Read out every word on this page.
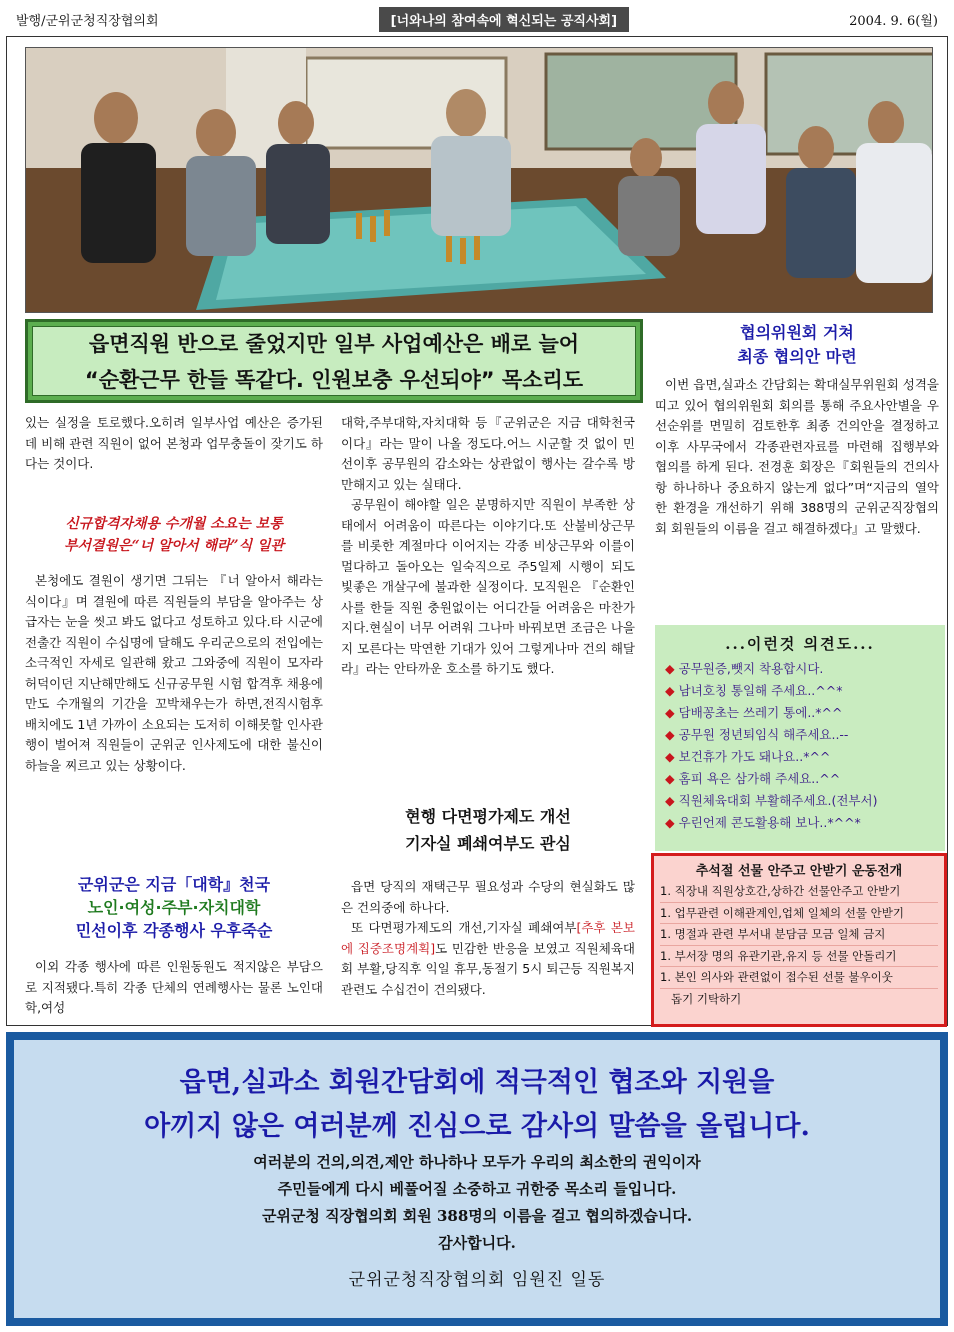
발행/군위군청직장협의회	[너와나의 참여속에 혁신되는 공직사회]	2004. 9. 6(월)
읍면직원 반으로 줄었지만 일부 사업예산은 배로 늘어
“순환근무 한들 똑같다. 인원보충 우선되야” 목소리도

있는 실정을 토로했다.오히려 일부사업 예산은 증가된데 비해 관련 직원이 없어 본청과 업무충돌이 잦기도 하다는 것이다.

신규합격자채용 수개월 소요는 보통
부서결원은“너 알아서 해라”식 일관

본청에도 결원이 생기면 그뒤는 『너 알아서 해라는 식이다』며 결원에 따른 직원들의 부담을 알아주는 상급자는 눈을 씻고 봐도 없다고 성토하고 있다.타 시군에 전출간 직원이 수십명에 달해도 우리군으로의 전입에는 소극적인 자세로 일관해 왔고 그와중에 직원이 모자라 허덕이던 지난해만해도 신규공무원 시험 합격후 채용에만도 수개월의 기간을 꼬박채우는가 하면,전직시험후 배치에도 1년 가까이 소요되는 도저히 이해못할 인사관행이 벌어져 직원들이 군위군 인사제도에 대한 불신이 하늘을 찌르고 있는 상황이다.

군위군은 지금「대학』천국
노인·여성·주부·자치대학
민선이후 각종행사 우후죽순

이외 각종 행사에 따른 인원동원도 적지않은 부담으로 지적됐다.특히 각종 단체의 연례행사는 물론 노인대학,여성

대학,주부대학,자치대학 등『군위군은 지금 대학천국이다』라는 말이 나올 정도다.어느 시군할 것 없이 민선이후 공무원의 감소와는 상관없이 행사는 갈수록 방만해지고 있는 실태다.

공무원이 해야할 일은 분명하지만 직원이 부족한 상태에서 어려움이 따른다는 이야기다.또 산불비상근무를 비롯한 계절마다 이어지는 각종 비상근무와 이를이 멀다하고 돌아오는 일숙직으로 주5일제 시행이 되도 빛좋은 개살구에 불과한 실정이다. 모직원은 『순환인사를 한들 직원 충원없이는 어디간들 어려움은 마찬가지다.현실이 너무 어려워 그나마 바꿔보면 조금은 나을지 모른다는 막연한 기대가 있어 그렇게나마 건의 해달라』라는 안타까운 호소를 하기도 했다.

현행 다면평가제도 개선
기자실 폐쇄여부도 관심

읍면 당직의 재택근무 필요성과 수당의 현실화도 많은 건의중에 하나다.

또 다면평가제도의 개선,기자실 폐쇄여부[추후 본보에 집중조명계획]도 민감한 반응을 보였고 직원체육대회 부활,당직후 익일 휴무,동절기 5시 퇴근등 직원복지관련도 수십건이 건의됐다.

협의위원회 거쳐
최종 협의안 마련

이번 읍면,실과소 간담회는 확대실무위원회 성격을 띠고 있어 협의위원회 회의를 통해 주요사안별을 우선순위를 면밀히 검토한후 최종 건의안을 결정하고 이후 사무국에서 각종관련자료를 마련해 집행부와 협의를 하게 된다. 전경훈 회장은『회원들의 건의사항 하나하나 중요하지 않는게 없다”며“지금의 열악한 환경을 개선하기 위해 388명의 군위군직장협의회 회원들의 이름을 걸고 해결하겠다』고 말했다.

...이런것 의견도...
◆ 공무원증,뺏지 착용합시다.
◆ 남녀호칭 통일해 주세요..^^*
◆ 담배꽁초는 쓰레기 통에..*^^
◆ 공무원 정년퇴임식 해주세요..--
◆ 보건휴가 가도 돼나요..*^^
◆ 홈피 욕은 삼가해 주세요..^^
◆ 직원체육대회 부활해주세요.(전부서)
◆ 우린언제 콘도활용해 보나..*^^*
추석절 선물 안주고 안받기 운동전개
1. 직장내 직원상호간,상하간 선물안주고 안받기
1. 업무관련 이해관계인,업체 일체의 선물 안받기
1. 명절과 관련 부서내 분담금 모금 일체 금지
1. 부서장 명의 유관기관,유지 등 선물 안돌리기
1. 본인 의사와 관련없이 접수된 선물 불우이웃
돕기 기탁하기
읍면,실과소 회원간담회에 적극적인 협조와 지원을
아끼지 않은 여러분께 진심으로 감사의 말씀을 올립니다.
여러분의 건의,의견,제안 하나하나 모두가 우리의 최소한의 권익이자
주민들에게 다시 베풀어질 소중하고 귀한중 목소리 들입니다.
군위군청 직장협의회 회원 388명의 이름을 걸고 협의하겠습니다.
감사합니다.
군위군청직장협의회 임원진 일동
